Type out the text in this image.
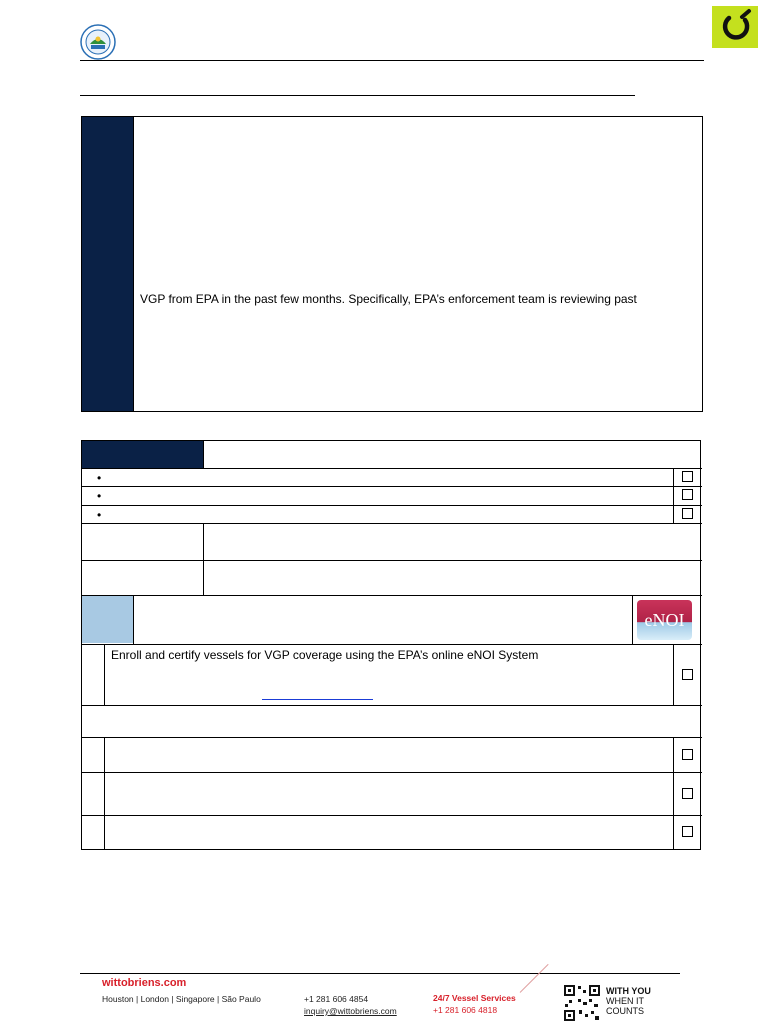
VGP from EPA in the past few months. Specifically, EPA’s enforcement team is reviewing past
•
•
•
eNOI
Enroll and certify vessels for VGP coverage using the EPA’s online eNOI System
wittobriens.com
Houston | London | Singapore | São Paulo	+1 281 606 4854
inquiry@wittobriens.com
24/7 Vessel Services
+1 281 606 4818
WITH YOU
WHEN IT
COUNTS
